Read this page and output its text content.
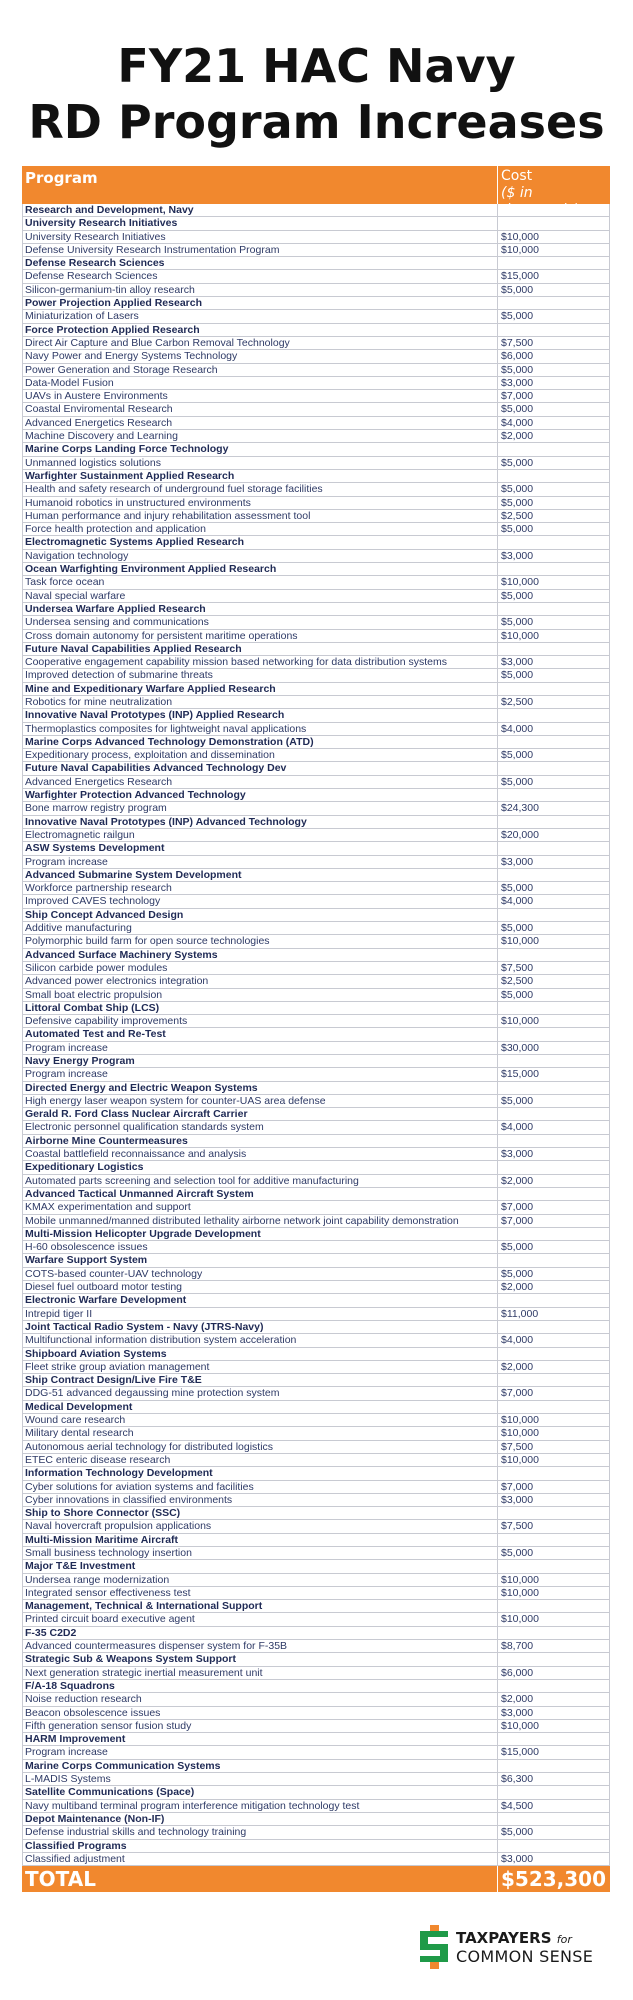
FY21 HAC Navy
RD Program Increases
Program	Cost
($ in thousands)
Research and Development, Navy
University Research Initiatives
University Research Initiatives	$10,000
Defense University Research Instrumentation Program	$10,000
Defense Research Sciences
Defense Research Sciences	$15,000
Silicon-germanium-tin alloy research	$5,000
Power Projection Applied Research
Miniaturization of Lasers	$5,000
Force Protection Applied Research
Direct Air Capture and Blue Carbon Removal Technology	$7,500
Navy Power and Energy Systems Technology	$6,000
Power Generation and Storage Research	$5,000
Data-Model Fusion	$3,000
UAVs in Austere Environments	$7,000
Coastal Enviromental Research	$5,000
Advanced Energetics Research	$4,000
Machine Discovery and Learning	$2,000
Marine Corps Landing Force Technology
Unmanned logistics solutions	$5,000
Warfighter Sustainment Applied Research
Health and safety research of underground fuel storage facilities	$5,000
Humanoid robotics in unstructured environments	$5,000
Human performance and injury rehabilitation assessment tool	$2,500
Force health protection and application	$5,000
Electromagnetic Systems Applied Research
Navigation technology	$3,000
Ocean Warfighting Environment Applied Research
Task force ocean	$10,000
Naval special warfare	$5,000
Undersea Warfare Applied Research
Undersea sensing and communications	$5,000
Cross domain autonomy for persistent maritime operations	$10,000
Future Naval Capabilities Applied Research
Cooperative engagement capability mission based networking for data distribution systems	$3,000
Improved detection of submarine threats	$5,000
Mine and Expeditionary Warfare Applied Research
Robotics for mine neutralization	$2,500
Innovative Naval Prototypes (INP) Applied Research
Thermoplastics composites for lightweight naval applications	$4,000
Marine Corps Advanced Technology Demonstration (ATD)
Expeditionary process, exploitation and dissemination	$5,000
Future Naval Capabilities Advanced Technology Dev
Advanced Energetics Research	$5,000
Warfighter Protection Advanced Technology
Bone marrow registry program	$24,300
Innovative Naval Prototypes (INP) Advanced Technology
Electromagnetic railgun	$20,000
ASW Systems Development
Program increase	$3,000
Advanced Submarine System Development
Workforce partnership research	$5,000
Improved CAVES technology	$4,000
Ship Concept Advanced Design
Additive manufacturing	$5,000
Polymorphic build farm for open source technologies	$10,000
Advanced Surface Machinery Systems
Silicon carbide power modules	$7,500
Advanced power electronics integration	$2,500
Small boat electric propulsion	$5,000
Littoral Combat Ship (LCS)
Defensive capability improvements	$10,000
Automated Test and Re-Test
Program increase	$30,000
Navy Energy Program
Program increase	$15,000
Directed Energy and Electric Weapon Systems
High energy laser weapon system for counter-UAS area defense	$5,000
Gerald R. Ford Class Nuclear Aircraft Carrier
Electronic personnel qualification standards system	$4,000
Airborne Mine Countermeasures
Coastal battlefield reconnaissance and analysis	$3,000
Expeditionary Logistics
Automated parts screening and selection tool for additive manufacturing	$2,000
Advanced Tactical Unmanned Aircraft System
KMAX experimentation and support	$7,000
Mobile unmanned/manned distributed lethality airborne network joint capability demonstration	$7,000
Multi-Mission Helicopter Upgrade Development
H-60 obsolescence issues	$5,000
Warfare Support System
COTS-based counter-UAV technology	$5,000
Diesel fuel outboard motor testing	$2,000
Electronic Warfare Development
Intrepid tiger II	$11,000
Joint Tactical Radio System - Navy (JTRS-Navy)
Multifunctional information distribution system acceleration	$4,000
Shipboard Aviation Systems
Fleet strike group aviation management	$2,000
Ship Contract Design/Live Fire T&E
DDG-51 advanced degaussing mine protection system	$7,000
Medical Development
Wound care research	$10,000
Military dental research	$10,000
Autonomous aerial technology for distributed logistics	$7,500
ETEC enteric disease research	$10,000
Information Technology Development
Cyber solutions for aviation systems and facilities	$7,000
Cyber innovations in classified environments	$3,000
Ship to Shore Connector (SSC)
Naval hovercraft propulsion applications	$7,500
Multi-Mission Maritime Aircraft
Small business technology insertion	$5,000
Major T&E Investment
Undersea range modernization	$10,000
Integrated sensor effectiveness test	$10,000
Management, Technical & International Support
Printed circuit board executive agent	$10,000
F-35 C2D2
Advanced countermeasures dispenser system for F-35B	$8,700
Strategic Sub & Weapons System Support
Next generation strategic inertial measurement unit	$6,000
F/A-18 Squadrons
Noise reduction research	$2,000
Beacon obsolescence issues	$3,000
Fifth generation sensor fusion study	$10,000
HARM Improvement
Program increase	$15,000
Marine Corps Communication Systems
L-MADIS Systems	$6,300
Satellite Communications (Space)
Navy multiband terminal program interference mitigation technology test	$4,500
Depot Maintenance (Non-IF)
Defense industrial skills and technology training	$5,000
Classified Programs
Classified adjustment	$3,000
TOTAL	$523,300
TAXPAYERS for
COMMON SENSE
